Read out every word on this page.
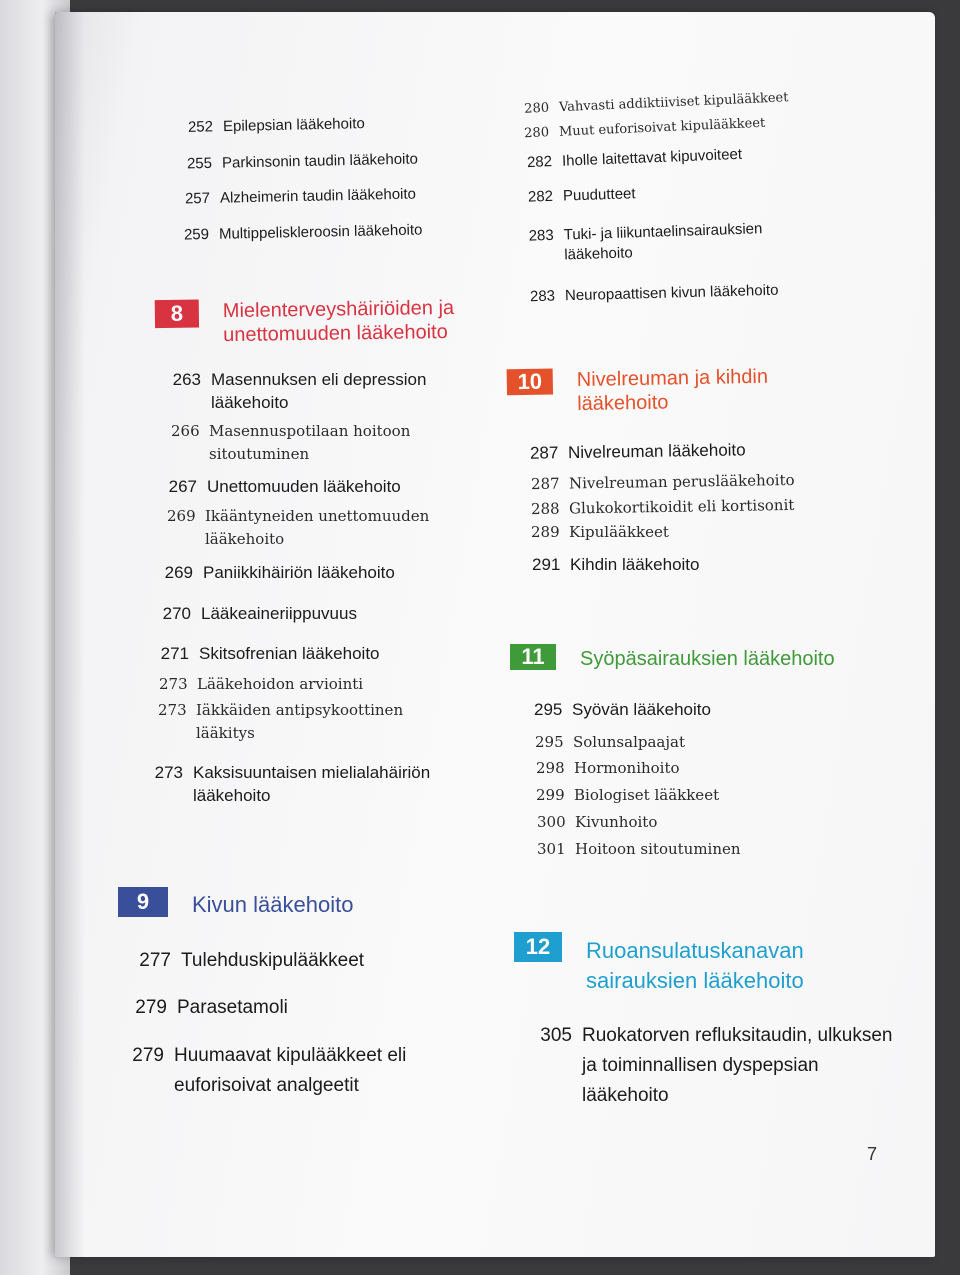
252 Epilepsian lääkehoito
255 Parkinsonin taudin lääkehoito
257 Alzheimerin taudin lääkehoito
259 Multippeliskleroosin lääkehoito
8	Mielenterveyshäiriöiden ja
unettomuuden lääkehoito
263 Masennuksen eli depression
lääkehoito
266 Masennuspotilaan hoitoon
sitoutuminen
267 Unettomuuden lääkehoito
269 Ikääntyneiden unettomuuden
lääkehoito
269 Paniikkihäiriön lääkehoito
270 Lääkeaineriippuvuus
271 Skitsofrenian lääkehoito
273 Lääkehoidon arviointi
273 Iäkkäiden antipsykoottinen
lääkitys
273 Kaksisuuntaisen mielialahäiriön
lääkehoito
9	Kivun lääkehoito
277 Tulehduskipulääkkeet
279 Parasetamoli
279 Huumaavat kipulääkkeet eli
euforisoivat analgeetit
280 Vahvasti addiktiiviset kipulääkkeet
280 Muut euforisoivat kipulääkkeet
282 Iholle laitettavat kipuvoiteet
282 Puudutteet
283 Tuki- ja liikuntaelinsairauksien
lääkehoito
283 Neuropaattisen kivun lääkehoito
10	Nivelreuman ja kihdin
lääkehoito
287 Nivelreuman lääkehoito
287 Nivelreuman peruslääkehoito
288 Glukokortikoidit eli kortisonit
289 Kipulääkkeet
291 Kihdin lääkehoito
11	Syöpäsairauksien lääkehoito
295 Syövän lääkehoito
295 Solunsalpaajat
298 Hormonihoito
299 Biologiset lääkkeet
300 Kivunhoito
301 Hoitoon sitoutuminen
12	Ruoansulatuskanavan
sairauksien lääkehoito
305 Ruokatorven refluksitaudin, ulkuksen
ja toiminnallisen dyspepsian
lääkehoito
7
